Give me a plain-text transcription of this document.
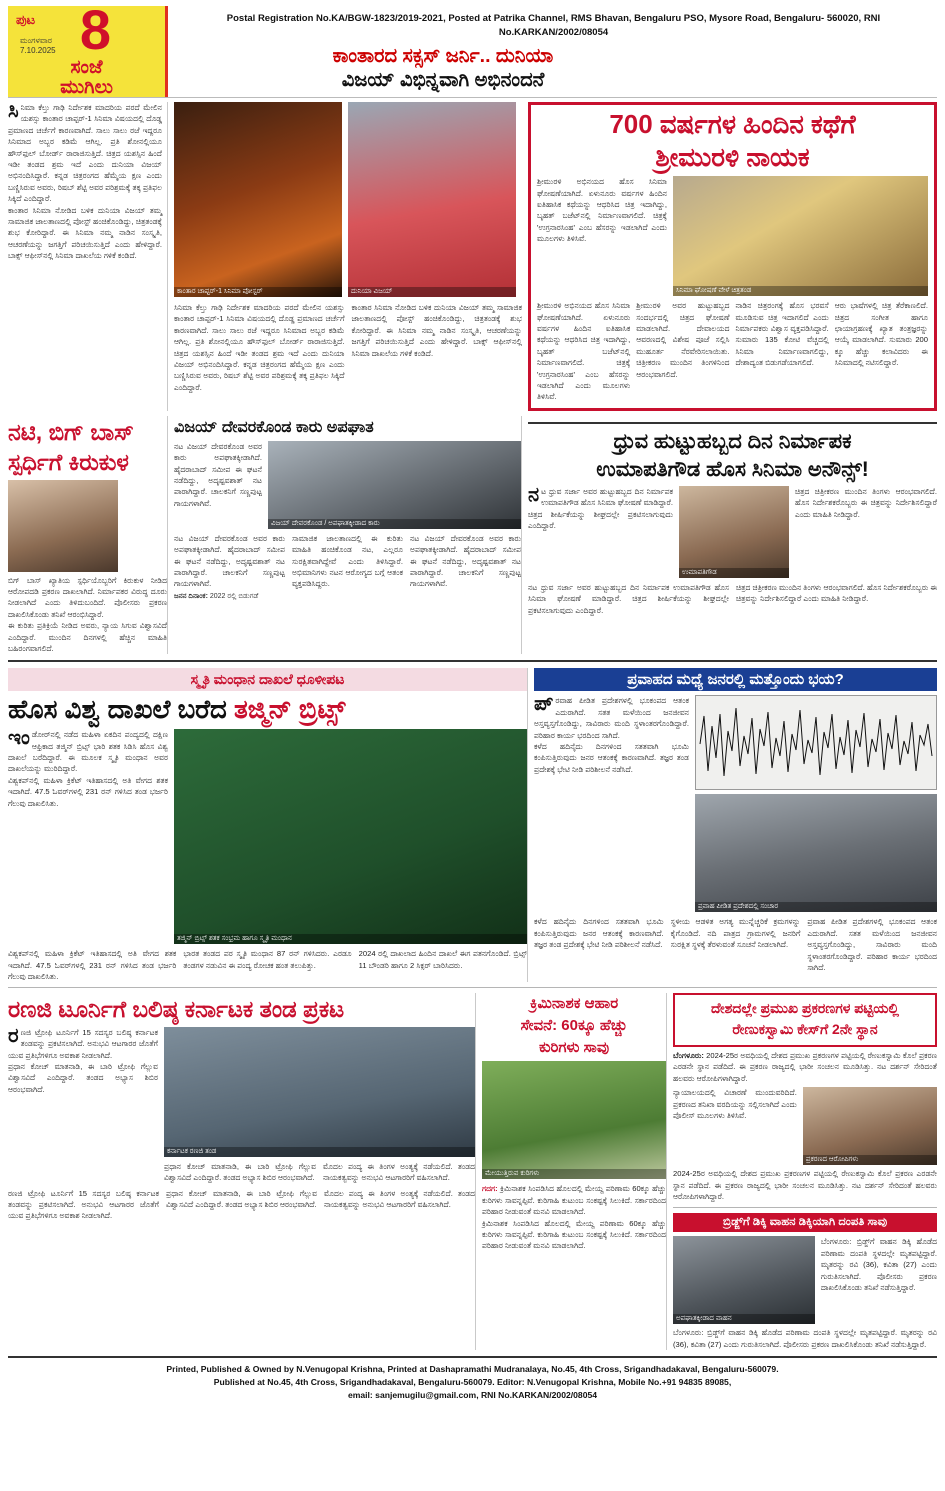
ಪುಟ
ಮಂಗಳವಾರ
7.10.2025 8
ಸಂಜೆ
ಮುಗಿಲು

Postal Registration No.KA/BGW-1823/2019-2021, Posted at Patrika Channel, RMS Bhavan, Bengaluru PSO, Mysore Road, Bengaluru- 560020, RNI No.KARKAN/2002/08054

ಕಾಂತಾರದ ಸಕ್ಸಸ್ ಜರ್ನಿ.. ದುನಿಯಾ
ವಿಜಯ್ ವಿಭಿನ್ನವಾಗಿ ಅಭಿನಂದನೆ
ಸಿನಿಮಾ ಕೆಲ್ತು ಗಾಢಿ ನಿರ್ದೇಶಕ ಮಾದರಿಯ ಪರದೆ ಮೇಲಿನ ಯಶಸ್ಸು ಕಾಂತಾರ ಚಾಪ್ಟರ್-1 ಸಿನಿಮಾ ವಿಷಯದಲ್ಲಿ ದೊಡ್ಡ ಪ್ರಮಾಣದ ಚರ್ಚೆಗೆ ಕಾರಣವಾಗಿದೆ. ಸಾಲು ಸಾಲು ರಜೆ ಇದ್ದರೂ ಸಿನಿಮಾದ ಅಬ್ಬರ ಕಡಿಮೆ ಆಗಿಲ್ಲ. ಪ್ರತಿ ಶೋನಲ್ಲಿಯೂ ಹೌಸ್‌ಫುಲ್ ಬೋರ್ಡ್ ರಾರಾಜಿಸುತ್ತಿದೆ. ಚಿತ್ರದ ಯಶಸ್ಸಿನ ಹಿಂದೆ ಇಡೀ ತಂಡದ ಶ್ರಮ ಇದೆ ಎಂದು ದುನಿಯಾ ವಿಜಯ್ ಅಭಿನಂದಿಸಿದ್ದಾರೆ. ಕನ್ನಡ ಚಿತ್ರರಂಗದ ಹೆಮ್ಮೆಯ ಕ್ಷಣ ಎಂದು ಬಣ್ಣಿಸಿರುವ ಅವರು, ರಿಷಬ್ ಶೆಟ್ಟಿ ಅವರ ಪರಿಶ್ರಮಕ್ಕೆ ತಕ್ಕ ಪ್ರತಿಫಲ ಸಿಕ್ಕಿದೆ ಎಂದಿದ್ದಾರೆ.
ಕಾಂತಾರ ಸಿನಿಮಾ ನೋಡಿದ ಬಳಿಕ ದುನಿಯಾ ವಿಜಯ್ ತಮ್ಮ ಸಾಮಾಜಿಕ ಜಾಲತಾಣದಲ್ಲಿ ಪೋಸ್ಟ್ ಹಂಚಿಕೊಂಡಿದ್ದು, ಚಿತ್ರತಂಡಕ್ಕೆ ಶುಭ ಕೋರಿದ್ದಾರೆ. ಈ ಸಿನಿಮಾ ನಮ್ಮ ನಾಡಿನ ಸಂಸ್ಕೃತಿ, ಆಚರಣೆಯನ್ನು ಜಗತ್ತಿಗೆ ಪರಿಚಯಿಸುತ್ತಿದೆ ಎಂದು ಹೇಳಿದ್ದಾರೆ. ಬಾಕ್ಸ್ ಆಫೀಸ್‌ನಲ್ಲಿ ಸಿನಿಮಾ ದಾಖಲೆಯ ಗಳಿಕೆ ಕಂಡಿದೆ.
ಕಾಂತಾರ ಚಾಪ್ಟರ್-1 ಸಿನಿಮಾ ಪೋಸ್ಟರ್	ದುನಿಯಾ ವಿಜಯ್
ಸಿನಿಮಾ ಕೆಲ್ತು ಗಾಢಿ ನಿರ್ದೇಶಕ ಮಾದರಿಯ ಪರದೆ ಮೇಲಿನ ಯಶಸ್ಸು ಕಾಂತಾರ ಚಾಪ್ಟರ್-1 ಸಿನಿಮಾ ವಿಷಯದಲ್ಲಿ ದೊಡ್ಡ ಪ್ರಮಾಣದ ಚರ್ಚೆಗೆ ಕಾರಣವಾಗಿದೆ. ಸಾಲು ಸಾಲು ರಜೆ ಇದ್ದರೂ ಸಿನಿಮಾದ ಅಬ್ಬರ ಕಡಿಮೆ ಆಗಿಲ್ಲ. ಪ್ರತಿ ಶೋನಲ್ಲಿಯೂ ಹೌಸ್‌ಫುಲ್ ಬೋರ್ಡ್ ರಾರಾಜಿಸುತ್ತಿದೆ. ಚಿತ್ರದ ಯಶಸ್ಸಿನ ಹಿಂದೆ ಇಡೀ ತಂಡದ ಶ್ರಮ ಇದೆ ಎಂದು ದುನಿಯಾ ವಿಜಯ್ ಅಭಿನಂದಿಸಿದ್ದಾರೆ. ಕನ್ನಡ ಚಿತ್ರರಂಗದ ಹೆಮ್ಮೆಯ ಕ್ಷಣ ಎಂದು ಬಣ್ಣಿಸಿರುವ ಅವರು, ರಿಷಬ್ ಶೆಟ್ಟಿ ಅವರ ಪರಿಶ್ರಮಕ್ಕೆ ತಕ್ಕ ಪ್ರತಿಫಲ ಸಿಕ್ಕಿದೆ ಎಂದಿದ್ದಾರೆ.
ಕಾಂತಾರ ಸಿನಿಮಾ ನೋಡಿದ ಬಳಿಕ ದುನಿಯಾ ವಿಜಯ್ ತಮ್ಮ ಸಾಮಾಜಿಕ ಜಾಲತಾಣದಲ್ಲಿ ಪೋಸ್ಟ್ ಹಂಚಿಕೊಂಡಿದ್ದು, ಚಿತ್ರತಂಡಕ್ಕೆ ಶುಭ ಕೋರಿದ್ದಾರೆ. ಈ ಸಿನಿಮಾ ನಮ್ಮ ನಾಡಿನ ಸಂಸ್ಕೃತಿ, ಆಚರಣೆಯನ್ನು ಜಗತ್ತಿಗೆ ಪರಿಚಯಿಸುತ್ತಿದೆ ಎಂದು ಹೇಳಿದ್ದಾರೆ. ಬಾಕ್ಸ್ ಆಫೀಸ್‌ನಲ್ಲಿ ಸಿನಿಮಾ ದಾಖಲೆಯ ಗಳಿಕೆ ಕಂಡಿದೆ.
700 ವರ್ಷಗಳ ಹಿಂದಿನ ಕಥೆಗೆ
ಶ್ರೀಮುರಳಿ ನಾಯಕ
ಶ್ರೀಮುರಳಿ ಅಭಿನಯದ ಹೊಸ ಸಿನಿಮಾ ಘೋಷಣೆಯಾಗಿದೆ. ಏಳುನೂರು ವರ್ಷಗಳ ಹಿಂದಿನ ಐತಿಹಾಸಿಕ ಕಥೆಯನ್ನು ಆಧರಿಸಿದ ಚಿತ್ರ ಇದಾಗಿದ್ದು, ಬೃಹತ್ ಬಜೆಟ್‌ನಲ್ಲಿ ನಿರ್ಮಾಣವಾಗಲಿದೆ. ಚಿತ್ರಕ್ಕೆ 'ಉಗ್ರನಾರಸಿಂಹ' ಎಂಬ ಹೆಸರನ್ನು ಇಡಲಾಗಿದೆ ಎಂದು ಮೂಲಗಳು ತಿಳಿಸಿವೆ.
ಸಿನಿಮಾ ಘೋಷಣೆ ವೇಳೆ ಚಿತ್ರತಂಡ
ಶ್ರೀಮುರಳಿ ಅಭಿನಯದ ಹೊಸ ಸಿನಿಮಾ ಘೋಷಣೆಯಾಗಿದೆ. ಏಳುನೂರು ವರ್ಷಗಳ ಹಿಂದಿನ ಐತಿಹಾಸಿಕ ಕಥೆಯನ್ನು ಆಧರಿಸಿದ ಚಿತ್ರ ಇದಾಗಿದ್ದು, ಬೃಹತ್ ಬಜೆಟ್‌ನಲ್ಲಿ ನಿರ್ಮಾಣವಾಗಲಿದೆ. ಚಿತ್ರಕ್ಕೆ 'ಉಗ್ರನಾರಸಿಂಹ' ಎಂಬ ಹೆಸರನ್ನು ಇಡಲಾಗಿದೆ ಎಂದು ಮೂಲಗಳು ತಿಳಿಸಿವೆ.
ಶ್ರೀಮುರಳಿ ಅವರ ಹುಟ್ಟುಹಬ್ಬದ ಸಂದರ್ಭದಲ್ಲಿ ಚಿತ್ರದ ಘೋಷಣೆ ಮಾಡಲಾಗಿದೆ. ದೇವಾಲಯದ ಆವರಣದಲ್ಲಿ ವಿಶೇಷ ಪೂಜೆ ಸಲ್ಲಿಸಿ ಮುಹೂರ್ತ ನೆರವೇರಿಸಲಾಯಿತು. ಚಿತ್ರೀಕರಣ ಮುಂದಿನ ತಿಂಗಳಿನಿಂದ ಆರಂಭವಾಗಲಿದೆ.
ನಾಡಿನ ಚಿತ್ರರಂಗಕ್ಕೆ ಹೊಸ ಭರವಸೆ ಮೂಡಿಸುವ ಚಿತ್ರ ಇದಾಗಲಿದೆ ಎಂದು ನಿರ್ಮಾಪಕರು ವಿಶ್ವಾಸ ವ್ಯಕ್ತಪಡಿಸಿದ್ದಾರೆ. ಸುಮಾರು 135 ಕೋಟಿ ವೆಚ್ಚದಲ್ಲಿ ಸಿನಿಮಾ ನಿರ್ಮಾಣವಾಗಲಿದ್ದು, ದೇಶಾದ್ಯಂತ ಬಿಡುಗಡೆಯಾಗಲಿದೆ.
ಆರು ಭಾಷೆಗಳಲ್ಲಿ ಚಿತ್ರ ತೆರೆಕಾಣಲಿದೆ. ಚಿತ್ರದ ಸಂಗೀತ ಹಾಗೂ ಛಾಯಾಗ್ರಹಣಕ್ಕೆ ಖ್ಯಾತ ತಂತ್ರಜ್ಞರನ್ನು ಆಯ್ಕೆ ಮಾಡಲಾಗಿದೆ. ಸುಮಾರು 200 ಕ್ಕೂ ಹೆಚ್ಚು ಕಲಾವಿದರು ಈ ಸಿನಿಮಾದಲ್ಲಿ ನಟಿಸಲಿದ್ದಾರೆ.
ನಟಿ, ಬಿಗ್ ಬಾಸ್
ಸ್ಪರ್ಧಿಗೆ ಕಿರುಕುಳ
ಬಿಗ್ ಬಾಸ್ ಖ್ಯಾತಿಯ ಸ್ಪರ್ಧಿಯೊಬ್ಬರಿಗೆ ಕಿರುಕುಳ ನೀಡಿದ ಆರೋಪದಡಿ ಪ್ರಕರಣ ದಾಖಲಾಗಿದೆ. ನಿರ್ಮಾಪಕರ ವಿರುದ್ಧ ದೂರು ನೀಡಲಾಗಿದೆ ಎಂದು ತಿಳಿದುಬಂದಿದೆ. ಪೊಲೀಸರು ಪ್ರಕರಣ ದಾಖಲಿಸಿಕೊಂಡು ತನಿಖೆ ಆರಂಭಿಸಿದ್ದಾರೆ.
ಈ ಕುರಿತು ಪ್ರತಿಕ್ರಿಯೆ ನೀಡಿದ ಅವರು, ನ್ಯಾಯ ಸಿಗುವ ವಿಶ್ವಾಸವಿದೆ ಎಂದಿದ್ದಾರೆ. ಮುಂದಿನ ದಿನಗಳಲ್ಲಿ ಹೆಚ್ಚಿನ ಮಾಹಿತಿ ಬಹಿರಂಗವಾಗಲಿದೆ.
ವಿಜಯ್ ದೇವರಕೊಂಡ ಕಾರು ಅಪಘಾತ
ನಟ ವಿಜಯ್ ದೇವರಕೊಂಡ ಅವರ ಕಾರು ಅಪಘಾತಕ್ಕೀಡಾಗಿದೆ. ಹೈದರಾಬಾದ್ ಸಮೀಪ ಈ ಘಟನೆ ನಡೆದಿದ್ದು, ಅದೃಷ್ಟವಶಾತ್ ನಟ ಪಾರಾಗಿದ್ದಾರೆ. ಚಾಲಕನಿಗೆ ಸಣ್ಣಪುಟ್ಟ ಗಾಯಗಳಾಗಿವೆ.
ವಿಜಯ್ ದೇವರಕೊಂಡ / ಅಪಘಾತಕ್ಕೀಡಾದ ಕಾರು
ನಟ ವಿಜಯ್ ದೇವರಕೊಂಡ ಅವರ ಕಾರು ಅಪಘಾತಕ್ಕೀಡಾಗಿದೆ. ಹೈದರಾಬಾದ್ ಸಮೀಪ ಈ ಘಟನೆ ನಡೆದಿದ್ದು, ಅದೃಷ್ಟವಶಾತ್ ನಟ ಪಾರಾಗಿದ್ದಾರೆ. ಚಾಲಕನಿಗೆ ಸಣ್ಣಪುಟ್ಟ ಗಾಯಗಳಾಗಿವೆ.
ಸಾಮಾಜಿಕ ಜಾಲತಾಣದಲ್ಲಿ ಈ ಕುರಿತು ಮಾಹಿತಿ ಹಂಚಿಕೊಂಡ ನಟ, ಎಲ್ಲರೂ ಸುರಕ್ಷಿತವಾಗಿದ್ದೇವೆ ಎಂದು ತಿಳಿಸಿದ್ದಾರೆ. ಅಭಿಮಾನಿಗಳು ನಟನ ಆರೋಗ್ಯದ ಬಗ್ಗೆ ಆತಂಕ ವ್ಯಕ್ತಪಡಿಸಿದ್ದರು.
ನಟ ವಿಜಯ್ ದೇವರಕೊಂಡ ಅವರ ಕಾರು ಅಪಘಾತಕ್ಕೀಡಾಗಿದೆ. ಹೈದರಾಬಾದ್ ಸಮೀಪ ಈ ಘಟನೆ ನಡೆದಿದ್ದು, ಅದೃಷ್ಟವಶಾತ್ ನಟ ಪಾರಾಗಿದ್ದಾರೆ. ಚಾಲಕನಿಗೆ ಸಣ್ಣಪುಟ್ಟ ಗಾಯಗಳಾಗಿವೆ.
ಜನನ ದಿನಾಂಕ: 2022 ರಲ್ಲಿ ಬಿಡುಗಡೆ
ಧ್ರುವ ಹುಟ್ಟುಹಬ್ಬದ ದಿನ ನಿರ್ಮಾಪಕ
ಉಮಾಪತಿಗೌಡ ಹೊಸ ಸಿನಿಮಾ ಅನೌನ್ಸ್!
ನಟ ಧ್ರುವ ಸರ್ಜಾ ಅವರ ಹುಟ್ಟುಹಬ್ಬದ ದಿನ ನಿರ್ಮಾಪಕ ಉಮಾಪತಿಗೌಡ ಹೊಸ ಸಿನಿಮಾ ಘೋಷಣೆ ಮಾಡಿದ್ದಾರೆ. ಚಿತ್ರದ ಶೀರ್ಷಿಕೆಯನ್ನು ಶೀಘ್ರದಲ್ಲೇ ಪ್ರಕಟಿಸಲಾಗುವುದು ಎಂದಿದ್ದಾರೆ.
ಉಮಾಪತಿಗೌಡ
ಚಿತ್ರದ ಚಿತ್ರೀಕರಣ ಮುಂದಿನ ತಿಂಗಳು ಆರಂಭವಾಗಲಿದೆ. ಹೊಸ ನಿರ್ದೇಶಕರೊಬ್ಬರು ಈ ಚಿತ್ರವನ್ನು ನಿರ್ದೇಶಿಸಲಿದ್ದಾರೆ ಎಂದು ಮಾಹಿತಿ ನೀಡಿದ್ದಾರೆ.
ನಟ ಧ್ರುವ ಸರ್ಜಾ ಅವರ ಹುಟ್ಟುಹಬ್ಬದ ದಿನ ನಿರ್ಮಾಪಕ ಉಮಾಪತಿಗೌಡ ಹೊಸ ಸಿನಿಮಾ ಘೋಷಣೆ ಮಾಡಿದ್ದಾರೆ. ಚಿತ್ರದ ಶೀರ್ಷಿಕೆಯನ್ನು ಶೀಘ್ರದಲ್ಲೇ ಪ್ರಕಟಿಸಲಾಗುವುದು ಎಂದಿದ್ದಾರೆ.
ಚಿತ್ರದ ಚಿತ್ರೀಕರಣ ಮುಂದಿನ ತಿಂಗಳು ಆರಂಭವಾಗಲಿದೆ. ಹೊಸ ನಿರ್ದೇಶಕರೊಬ್ಬರು ಈ ಚಿತ್ರವನ್ನು ನಿರ್ದೇಶಿಸಲಿದ್ದಾರೆ ಎಂದು ಮಾಹಿತಿ ನೀಡಿದ್ದಾರೆ.
ಸ್ಮೃತಿ ಮಂಧಾನ ದಾಖಲೆ ಧೂಳೀಪಟ
ಹೊಸ ವಿಶ್ವ ದಾಖಲೆ ಬರೆದ ತಜ್ಮಿನ್ ಬ್ರಿಟ್ಸ್
ಇಂಡೋರ್‌ನಲ್ಲಿ ನಡೆದ ಮಹಿಳಾ ಏಕದಿನ ಪಂದ್ಯದಲ್ಲಿ ದಕ್ಷಿಣ ಆಫ್ರಿಕಾದ ತಜ್ಮಿನ್ ಬ್ರಿಟ್ಸ್ ಭಾರಿ ಶತಕ ಸಿಡಿಸಿ ಹೊಸ ವಿಶ್ವ ದಾಖಲೆ ಬರೆದಿದ್ದಾರೆ. ಈ ಮೂಲಕ ಸ್ಮೃತಿ ಮಂಧಾನ ಅವರ ದಾಖಲೆಯನ್ನು ಮುರಿದಿದ್ದಾರೆ.
ವಿಶ್ವಕಪ್‌ನಲ್ಲಿ ಮಹಿಳಾ ಕ್ರಿಕೆಟ್ ಇತಿಹಾಸದಲ್ಲಿ ಅತಿ ವೇಗದ ಶತಕ ಇದಾಗಿದೆ. 47.5 ಓವರ್‌ಗಳಲ್ಲಿ 231 ರನ್ ಗಳಿಸಿದ ತಂಡ ಭರ್ಜರಿ ಗೆಲುವು ದಾಖಲಿಸಿತು.
ತಜ್ಮಿನ್ ಬ್ರಿಟ್ಸ್ ಶತಕ ಸಂಭ್ರಮ ಹಾಗೂ ಸ್ಮೃತಿ ಮಂಧಾನ
ವಿಶ್ವಕಪ್‌ನಲ್ಲಿ ಮಹಿಳಾ ಕ್ರಿಕೆಟ್ ಇತಿಹಾಸದಲ್ಲಿ ಅತಿ ವೇಗದ ಶತಕ ಇದಾಗಿದೆ. 47.5 ಓವರ್‌ಗಳಲ್ಲಿ 231 ರನ್ ಗಳಿಸಿದ ತಂಡ ಭರ್ಜರಿ ಗೆಲುವು ದಾಖಲಿಸಿತು.
ಭಾರತ ತಂಡದ ಪರ ಸ್ಮೃತಿ ಮಂಧಾನ 87 ರನ್ ಗಳಿಸಿದರು. ಎರಡೂ ತಂಡಗಳ ನಡುವಿನ ಈ ಪಂದ್ಯ ರೋಚಕ ಹಂತ ತಲುಪಿತ್ತು.
2024 ರಲ್ಲಿ ದಾಖಲಾದ ಹಿಂದಿನ ದಾಖಲೆ ಈಗ ಪತನಗೊಂಡಿದೆ. ಬ್ರಿಟ್ಸ್ 11 ಬೌಂಡರಿ ಹಾಗೂ 2 ಸಿಕ್ಸರ್ ಬಾರಿಸಿದರು.
ಪ್ರವಾಹದ ಮಧ್ಯೆ ಜನರಲ್ಲಿ ಮತ್ತೊಂದು ಭಯ?
ಪ್ರವಾಹ ಪೀಡಿತ ಪ್ರದೇಶಗಳಲ್ಲಿ ಭೂಕಂಪದ ಆತಂಕ ಎದುರಾಗಿದೆ. ಸತತ ಮಳೆಯಿಂದ ಜನಜೀವನ ಅಸ್ತವ್ಯಸ್ತಗೊಂಡಿದ್ದು, ಸಾವಿರಾರು ಮಂದಿ ಸ್ಥಳಾಂತರಗೊಂಡಿದ್ದಾರೆ. ಪರಿಹಾರ ಕಾರ್ಯ ಭರದಿಂದ ಸಾಗಿದೆ.
ಕಳೆದ ಹದಿನೈದು ದಿನಗಳಿಂದ ಸತತವಾಗಿ ಭೂಮಿ ಕಂಪಿಸುತ್ತಿರುವುದು ಜನರ ಆತಂಕಕ್ಕೆ ಕಾರಣವಾಗಿದೆ. ತಜ್ಞರ ತಂಡ ಪ್ರದೇಶಕ್ಕೆ ಭೇಟಿ ನೀಡಿ ಪರಿಶೀಲನೆ ನಡೆಸಿದೆ.
ಪ್ರವಾಹ ಪೀಡಿತ ಪ್ರದೇಶದಲ್ಲಿ ಸಂಚಾರ
ಕಳೆದ ಹದಿನೈದು ದಿನಗಳಿಂದ ಸತತವಾಗಿ ಭೂಮಿ ಕಂಪಿಸುತ್ತಿರುವುದು ಜನರ ಆತಂಕಕ್ಕೆ ಕಾರಣವಾಗಿದೆ. ತಜ್ಞರ ತಂಡ ಪ್ರದೇಶಕ್ಕೆ ಭೇಟಿ ನೀಡಿ ಪರಿಶೀಲನೆ ನಡೆಸಿದೆ.
ಸ್ಥಳೀಯ ಆಡಳಿತ ಅಗತ್ಯ ಮುನ್ನೆಚ್ಚರಿಕೆ ಕ್ರಮಗಳನ್ನು ಕೈಗೊಂಡಿದೆ. ನದಿ ಪಾತ್ರದ ಗ್ರಾಮಗಳಲ್ಲಿ ಜನರಿಗೆ ಸುರಕ್ಷಿತ ಸ್ಥಳಕ್ಕೆ ತೆರಳುವಂತೆ ಸೂಚನೆ ನೀಡಲಾಗಿದೆ.
ಪ್ರವಾಹ ಪೀಡಿತ ಪ್ರದೇಶಗಳಲ್ಲಿ ಭೂಕಂಪದ ಆತಂಕ ಎದುರಾಗಿದೆ. ಸತತ ಮಳೆಯಿಂದ ಜನಜೀವನ ಅಸ್ತವ್ಯಸ್ತಗೊಂಡಿದ್ದು, ಸಾವಿರಾರು ಮಂದಿ ಸ್ಥಳಾಂತರಗೊಂಡಿದ್ದಾರೆ. ಪರಿಹಾರ ಕಾರ್ಯ ಭರದಿಂದ ಸಾಗಿದೆ.
ರಣಜಿ ಟೂರ್ನಿಗೆ ಬಲಿಷ್ಠ ಕರ್ನಾಟಕ ತಂಡ ಪ್ರಕಟ
ರಣಜಿ ಟ್ರೋಫಿ ಟೂರ್ನಿಗೆ 15 ಸದಸ್ಯರ ಬಲಿಷ್ಠ ಕರ್ನಾಟಕ ತಂಡವನ್ನು ಪ್ರಕಟಿಸಲಾಗಿದೆ. ಅನುಭವಿ ಆಟಗಾರರ ಜೊತೆಗೆ ಯುವ ಪ್ರತಿಭೆಗಳಿಗೂ ಅವಕಾಶ ನೀಡಲಾಗಿದೆ.
ಪ್ರಧಾನ ಕೋಚ್ ಮಾತನಾಡಿ, ಈ ಬಾರಿ ಟ್ರೋಫಿ ಗೆಲ್ಲುವ ವಿಶ್ವಾಸವಿದೆ ಎಂದಿದ್ದಾರೆ. ತಂಡದ ಅಭ್ಯಾಸ ಶಿಬಿರ ಆರಂಭವಾಗಿದೆ.
ಕರ್ನಾಟಕ ರಣಜಿ ತಂಡ
ಪ್ರಧಾನ ಕೋಚ್ ಮಾತನಾಡಿ, ಈ ಬಾರಿ ಟ್ರೋಫಿ ಗೆಲ್ಲುವ ವಿಶ್ವಾಸವಿದೆ ಎಂದಿದ್ದಾರೆ. ತಂಡದ ಅಭ್ಯಾಸ ಶಿಬಿರ ಆರಂಭವಾಗಿದೆ.
ಮೊದಲ ಪಂದ್ಯ ಈ ತಿಂಗಳ ಅಂತ್ಯಕ್ಕೆ ನಡೆಯಲಿದೆ. ತಂಡದ ನಾಯಕತ್ವವನ್ನು ಅನುಭವಿ ಆಟಗಾರರಿಗೆ ವಹಿಸಲಾಗಿದೆ.
ರಣಜಿ ಟ್ರೋಫಿ ಟೂರ್ನಿಗೆ 15 ಸದಸ್ಯರ ಬಲಿಷ್ಠ ಕರ್ನಾಟಕ ತಂಡವನ್ನು ಪ್ರಕಟಿಸಲಾಗಿದೆ. ಅನುಭವಿ ಆಟಗಾರರ ಜೊತೆಗೆ ಯುವ ಪ್ರತಿಭೆಗಳಿಗೂ ಅವಕಾಶ ನೀಡಲಾಗಿದೆ.
ಪ್ರಧಾನ ಕೋಚ್ ಮಾತನಾಡಿ, ಈ ಬಾರಿ ಟ್ರೋಫಿ ಗೆಲ್ಲುವ ವಿಶ್ವಾಸವಿದೆ ಎಂದಿದ್ದಾರೆ. ತಂಡದ ಅಭ್ಯಾಸ ಶಿಬಿರ ಆರಂಭವಾಗಿದೆ.
ಮೊದಲ ಪಂದ್ಯ ಈ ತಿಂಗಳ ಅಂತ್ಯಕ್ಕೆ ನಡೆಯಲಿದೆ. ತಂಡದ ನಾಯಕತ್ವವನ್ನು ಅನುಭವಿ ಆಟಗಾರರಿಗೆ ವಹಿಸಲಾಗಿದೆ.
ಕ್ರಿಮಿನಾಶಕ ಆಹಾರ
ಸೇವನೆ: 60ಕ್ಕೂ ಹೆಚ್ಚು
ಕುರಿಗಳು ಸಾವು
ಮೇಯುತ್ತಿರುವ ಕುರಿಗಳು
ಗದಗ: ಕ್ರಿಮಿನಾಶಕ ಸಿಂಪಡಿಸಿದ ಹೊಲದಲ್ಲಿ ಮೇಯ್ದ ಪರಿಣಾಮ 60ಕ್ಕೂ ಹೆಚ್ಚು ಕುರಿಗಳು ಸಾವನ್ನಪ್ಪಿವೆ. ಕುರಿಗಾಹಿ ಕುಟುಂಬ ಸಂಕಷ್ಟಕ್ಕೆ ಸಿಲುಕಿದೆ. ಸರ್ಕಾರದಿಂದ ಪರಿಹಾರ ನೀಡುವಂತೆ ಮನವಿ ಮಾಡಲಾಗಿದೆ.
ಕ್ರಿಮಿನಾಶಕ ಸಿಂಪಡಿಸಿದ ಹೊಲದಲ್ಲಿ ಮೇಯ್ದ ಪರಿಣಾಮ 60ಕ್ಕೂ ಹೆಚ್ಚು ಕುರಿಗಳು ಸಾವನ್ನಪ್ಪಿವೆ. ಕುರಿಗಾಹಿ ಕುಟುಂಬ ಸಂಕಷ್ಟಕ್ಕೆ ಸಿಲುಕಿದೆ. ಸರ್ಕಾರದಿಂದ ಪರಿಹಾರ ನೀಡುವಂತೆ ಮನವಿ ಮಾಡಲಾಗಿದೆ.
ದೇಶದಲ್ಲೇ ಪ್ರಮುಖ ಪ್ರಕರಣಗಳ ಪಟ್ಟಿಯಲ್ಲಿ
ರೇಣುಕಸ್ವಾಮಿ ಕೇಸ್‌ಗೆ 2ನೇ ಸ್ಥಾನ
ಬೆಂಗಳೂರು: 2024-25ರ ಅವಧಿಯಲ್ಲಿ ದೇಶದ ಪ್ರಮುಖ ಪ್ರಕರಣಗಳ ಪಟ್ಟಿಯಲ್ಲಿ ರೇಣುಕಸ್ವಾಮಿ ಕೊಲೆ ಪ್ರಕರಣ ಎರಡನೇ ಸ್ಥಾನ ಪಡೆದಿದೆ. ಈ ಪ್ರಕರಣ ರಾಜ್ಯದಲ್ಲಿ ಭಾರೀ ಸಂಚಲನ ಮೂಡಿಸಿತ್ತು. ನಟ ದರ್ಶನ್ ಸೇರಿದಂತೆ ಹಲವರು ಆರೋಪಿಗಳಾಗಿದ್ದಾರೆ.
ನ್ಯಾಯಾಲಯದಲ್ಲಿ ವಿಚಾರಣೆ ಮುಂದುವರಿದಿದೆ. ಪ್ರಕರಣದ ತನಿಖಾ ವರದಿಯನ್ನು ಸಲ್ಲಿಸಲಾಗಿದೆ ಎಂದು ಪೊಲೀಸ್ ಮೂಲಗಳು ತಿಳಿಸಿವೆ.
ಪ್ರಕರಣದ ಆರೋಪಿಗಳು
2024-25ರ ಅವಧಿಯಲ್ಲಿ ದೇಶದ ಪ್ರಮುಖ ಪ್ರಕರಣಗಳ ಪಟ್ಟಿಯಲ್ಲಿ ರೇಣುಕಸ್ವಾಮಿ ಕೊಲೆ ಪ್ರಕರಣ ಎರಡನೇ ಸ್ಥಾನ ಪಡೆದಿದೆ. ಈ ಪ್ರಕರಣ ರಾಜ್ಯದಲ್ಲಿ ಭಾರೀ ಸಂಚಲನ ಮೂಡಿಸಿತ್ತು. ನಟ ದರ್ಶನ್ ಸೇರಿದಂತೆ ಹಲವರು ಆರೋಪಿಗಳಾಗಿದ್ದಾರೆ.
ಬ್ರಿಡ್ಜ್‌ಗೆ ಡಿಕ್ಕಿ ವಾಹನ ಡಿಕ್ಕಿಯಾಗಿ ದಂಪತಿ ಸಾವು
ಅಪಘಾತಕ್ಕೀಡಾದ ವಾಹನ
ಬೆಂಗಳೂರು: ಬ್ರಿಡ್ಜ್‌ಗೆ ವಾಹನ ಡಿಕ್ಕಿ ಹೊಡೆದ ಪರಿಣಾಮ ದಂಪತಿ ಸ್ಥಳದಲ್ಲೇ ಮೃತಪಟ್ಟಿದ್ದಾರೆ. ಮೃತರನ್ನು ರವಿ (36), ಕವಿತಾ (27) ಎಂದು ಗುರುತಿಸಲಾಗಿದೆ. ಪೊಲೀಸರು ಪ್ರಕರಣ ದಾಖಲಿಸಿಕೊಂಡು ತನಿಖೆ ನಡೆಸುತ್ತಿದ್ದಾರೆ.
ಬೆಂಗಳೂರು: ಬ್ರಿಡ್ಜ್‌ಗೆ ವಾಹನ ಡಿಕ್ಕಿ ಹೊಡೆದ ಪರಿಣಾಮ ದಂಪತಿ ಸ್ಥಳದಲ್ಲೇ ಮೃತಪಟ್ಟಿದ್ದಾರೆ. ಮೃತರನ್ನು ರವಿ (36), ಕವಿತಾ (27) ಎಂದು ಗುರುತಿಸಲಾಗಿದೆ. ಪೊಲೀಸರು ಪ್ರಕರಣ ದಾಖಲಿಸಿಕೊಂಡು ತನಿಖೆ ನಡೆಸುತ್ತಿದ್ದಾರೆ.
Printed, Published & Owned by N.Venugopal Krishna, Printed at Dashapramathi Mudranalaya, No.45, 4th Cross, Srigandhadakaval, Bengaluru-560079.
Published at No.45, 4th Cross, Srigandhadakaval, Bengaluru-560079. Editor: N.Venugopal Krishna, Mobile No.+91 94835 89085,
email: sanjemugilu@gmail.com, RNI No.KARKAN/2002/08054
